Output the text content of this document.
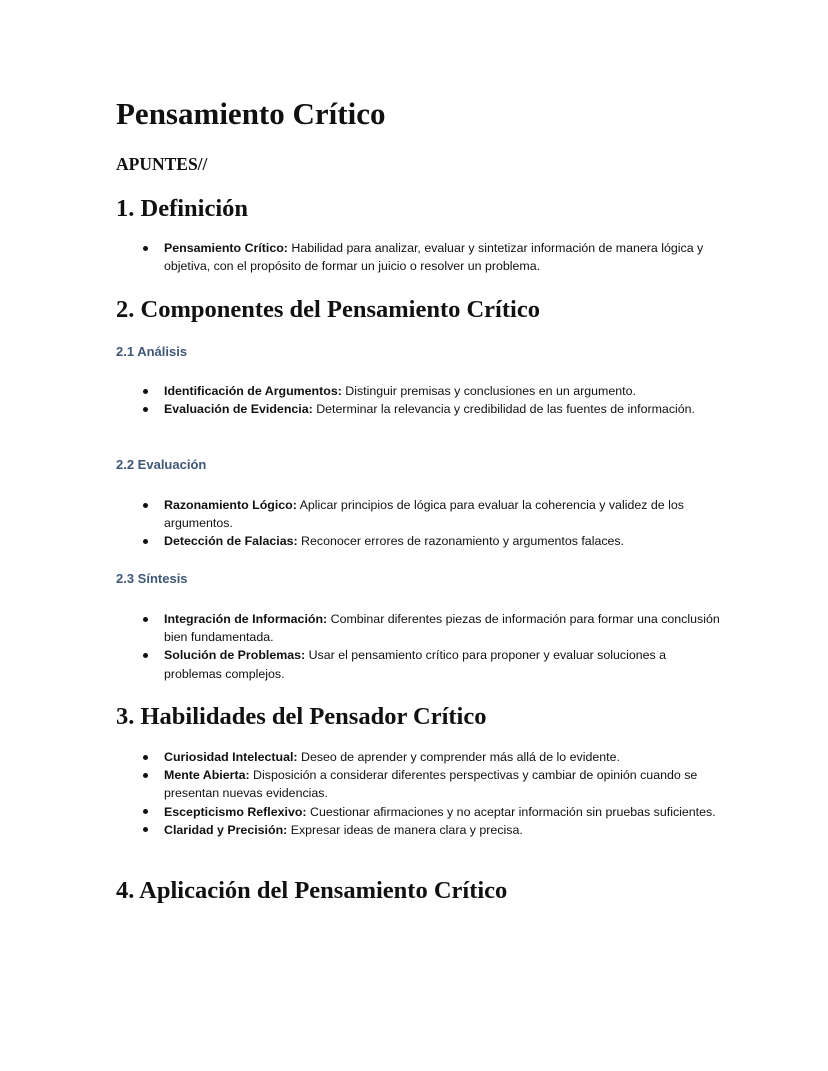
Pensamiento Crítico
APUNTES//
1. Definición
Pensamiento Crítico: Habilidad para analizar, evaluar y sintetizar información de manera lógica y objetiva, con el propósito de formar un juicio o resolver un problema.
2. Componentes del Pensamiento Crítico
2.1 Análisis
Identificación de Argumentos: Distinguir premisas y conclusiones en un argumento.
Evaluación de Evidencia: Determinar la relevancia y credibilidad de las fuentes de información.
2.2 Evaluación
Razonamiento Lógico: Aplicar principios de lógica para evaluar la coherencia y validez de los argumentos.
Detección de Falacias: Reconocer errores de razonamiento y argumentos falaces.
2.3 Síntesis
Integración de Información: Combinar diferentes piezas de información para formar una conclusión bien fundamentada.
Solución de Problemas: Usar el pensamiento crítico para proponer y evaluar soluciones a problemas complejos.
3. Habilidades del Pensador Crítico
Curiosidad Intelectual: Deseo de aprender y comprender más allá de lo evidente.
Mente Abierta: Disposición a considerar diferentes perspectivas y cambiar de opinión cuando se presentan nuevas evidencias.
Escepticismo Reflexivo: Cuestionar afirmaciones y no aceptar información sin pruebas suficientes.
Claridad y Precisión: Expresar ideas de manera clara y precisa.
4. Aplicación del Pensamiento Crítico
